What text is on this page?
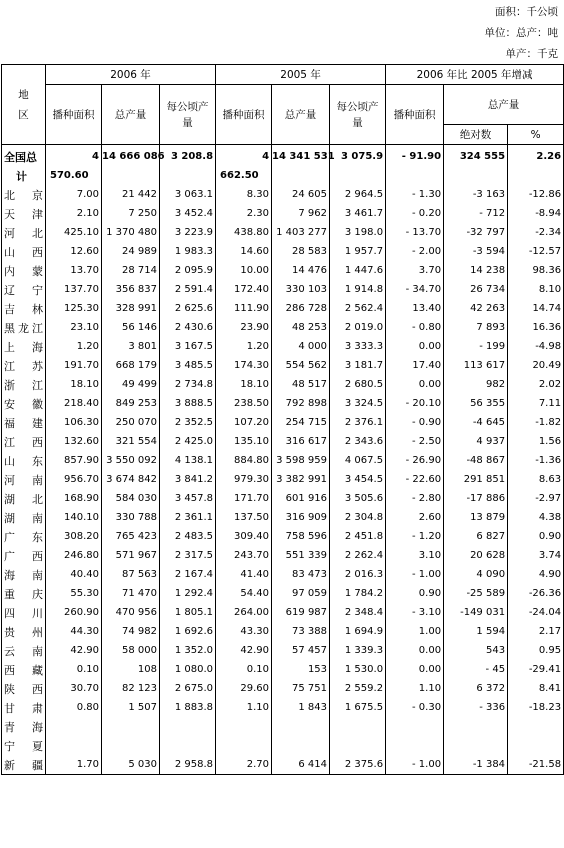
面积：千公顷
单位：总产：吨
单产：千克
地区	2006 年			2005 年			2006 年比 2005 年增减		
	播种面积	总产量	每公顷产量	播种面积	总产量	每公顷产量	播种面积	总产量	
								绝对数	%
全国总	4	14 666 086	3 208.8	4	14 341 531	3 075.9	- 91.90	324 555	2.26
计	570.60			662.50					
北　京	7.00	21 442	3 063.1	8.30	24 605	2 964.5	- 1.30	-3 163	-12.86
天　津	2.10	7 250	3 452.4	2.30	7 962	3 461.7	- 0.20	- 712	-8.94
河　北	425.10	1 370 480	3 223.9	438.80	1 403 277	3 198.0	- 13.70	-32 797	-2.34
山　西	12.60	24 989	1 983.3	14.60	28 583	1 957.7	- 2.00	-3 594	-12.57
内　蒙	13.70	28 714	2 095.9	10.00	14 476	1 447.6	3.70	14 238	98.36
辽　宁	137.70	356 837	2 591.4	172.40	330 103	1 914.8	- 34.70	26 734	8.10
吉　林	125.30	328 991	2 625.6	111.90	286 728	2 562.4	13.40	42 263	14.74
黑龙江	23.10	56 146	2 430.6	23.90	48 253	2 019.0	- 0.80	7 893	16.36
上　海	1.20	3 801	3 167.5	1.20	4 000	3 333.3	0.00	- 199	-4.98
江　苏	191.70	668 179	3 485.5	174.30	554 562	3 181.7	17.40	113 617	20.49
浙　江	18.10	49 499	2 734.8	18.10	48 517	2 680.5	0.00	982	2.02
安　徽	218.40	849 253	3 888.5	238.50	792 898	3 324.5	- 20.10	56 355	7.11
福　建	106.30	250 070	2 352.5	107.20	254 715	2 376.1	- 0.90	-4 645	-1.82
江　西	132.60	321 554	2 425.0	135.10	316 617	2 343.6	- 2.50	4 937	1.56
山　东	857.90	3 550 092	4 138.1	884.80	3 598 959	4 067.5	- 26.90	-48 867	-1.36
河　南	956.70	3 674 842	3 841.2	979.30	3 382 991	3 454.5	- 22.60	291 851	8.63
湖　北	168.90	584 030	3 457.8	171.70	601 916	3 505.6	- 2.80	-17 886	-2.97
湖　南	140.10	330 788	2 361.1	137.50	316 909	2 304.8	2.60	13 879	4.38
广　东	308.20	765 423	2 483.5	309.40	758 596	2 451.8	- 1.20	6 827	0.90
广　西	246.80	571 967	2 317.5	243.70	551 339	2 262.4	3.10	20 628	3.74
海　南	40.40	87 563	2 167.4	41.40	83 473	2 016.3	- 1.00	4 090	4.90
重　庆	55.30	71 470	1 292.4	54.40	97 059	1 784.2	0.90	-25 589	-26.36
四　川	260.90	470 956	1 805.1	264.00	619 987	2 348.4	- 3.10	-149 031	-24.04
贵　州	44.30	74 982	1 692.6	43.30	73 388	1 694.9	1.00	1 594	2.17
云　南	42.90	58 000	1 352.0	42.90	57 457	1 339.3	0.00	543	0.95
西　藏	0.10	108	1 080.0	0.10	153	1 530.0	0.00	- 45	-29.41
陕　西	30.70	82 123	2 675.0	29.60	75 751	2 559.2	1.10	6 372	8.41
甘　肃	0.80	1 507	1 883.8	1.10	1 843	1 675.5	- 0.30	- 336	-18.23
青　海									
宁　夏									
新　疆	1.70	5 030	2 958.8	2.70	6 414	2 375.6	- 1.00	-1 384	-21.58
